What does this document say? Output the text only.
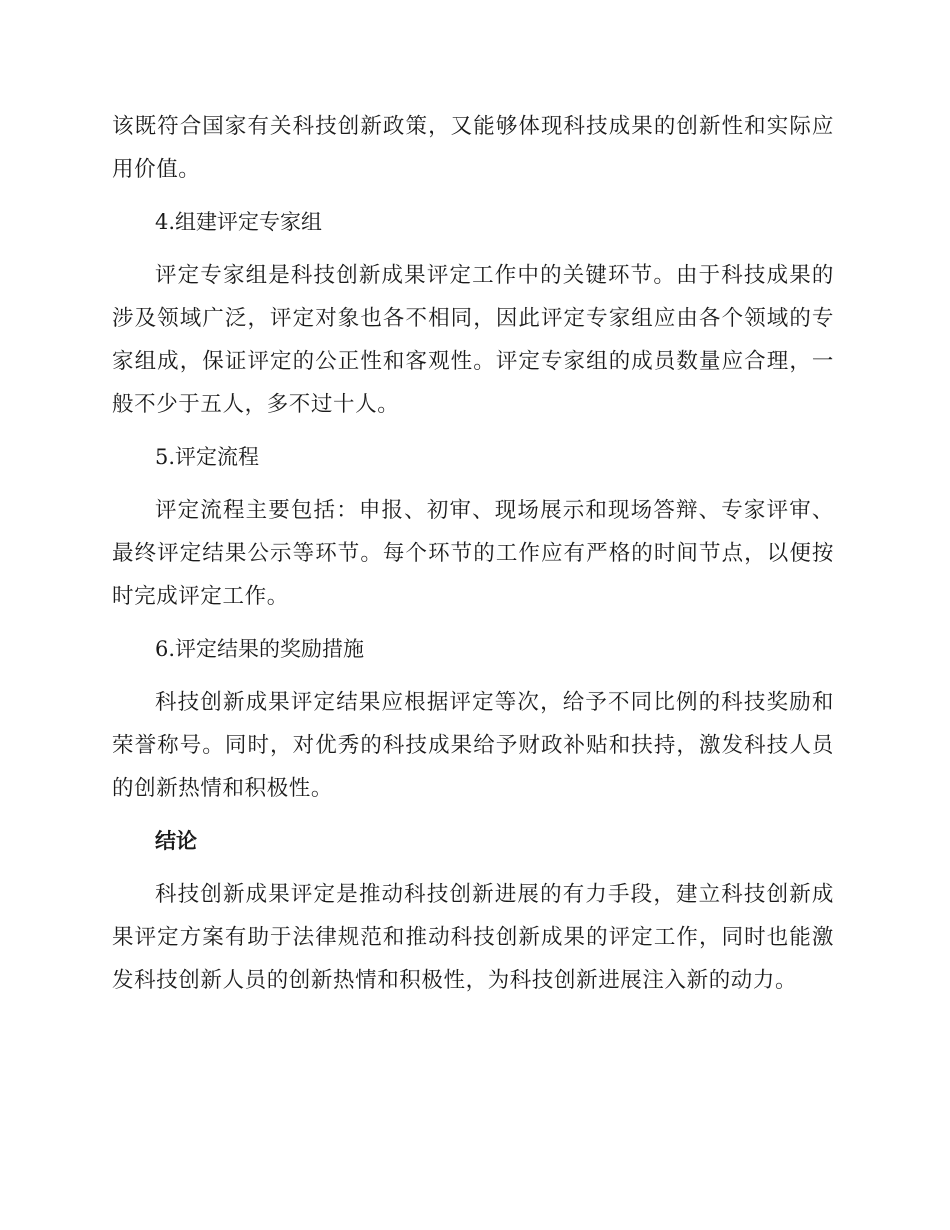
该既符合国家有关科技创新政策，又能够体现科技成果的创新性和实际应用价值。

4.组建评定专家组

评定专家组是科技创新成果评定工作中的关键环节。由于科技成果的涉及领域广泛，评定对象也各不相同，因此评定专家组应由各个领域的专家组成，保证评定的公正性和客观性。评定专家组的成员数量应合理，一般不少于五人，多不过十人。

5.评定流程

评定流程主要包括：申报、初审、现场展示和现场答辩、专家评审、最终评定结果公示等环节。每个环节的工作应有严格的时间节点，以便按时完成评定工作。

6.评定结果的奖励措施

科技创新成果评定结果应根据评定等次，给予不同比例的科技奖励和荣誉称号。同时，对优秀的科技成果给予财政补贴和扶持，激发科技人员的创新热情和积极性。

结论

科技创新成果评定是推动科技创新进展的有力手段，建立科技创新成果评定方案有助于法律规范和推动科技创新成果的评定工作，同时也能激发科技创新人员的创新热情和积极性，为科技创新进展注入新的动力。
